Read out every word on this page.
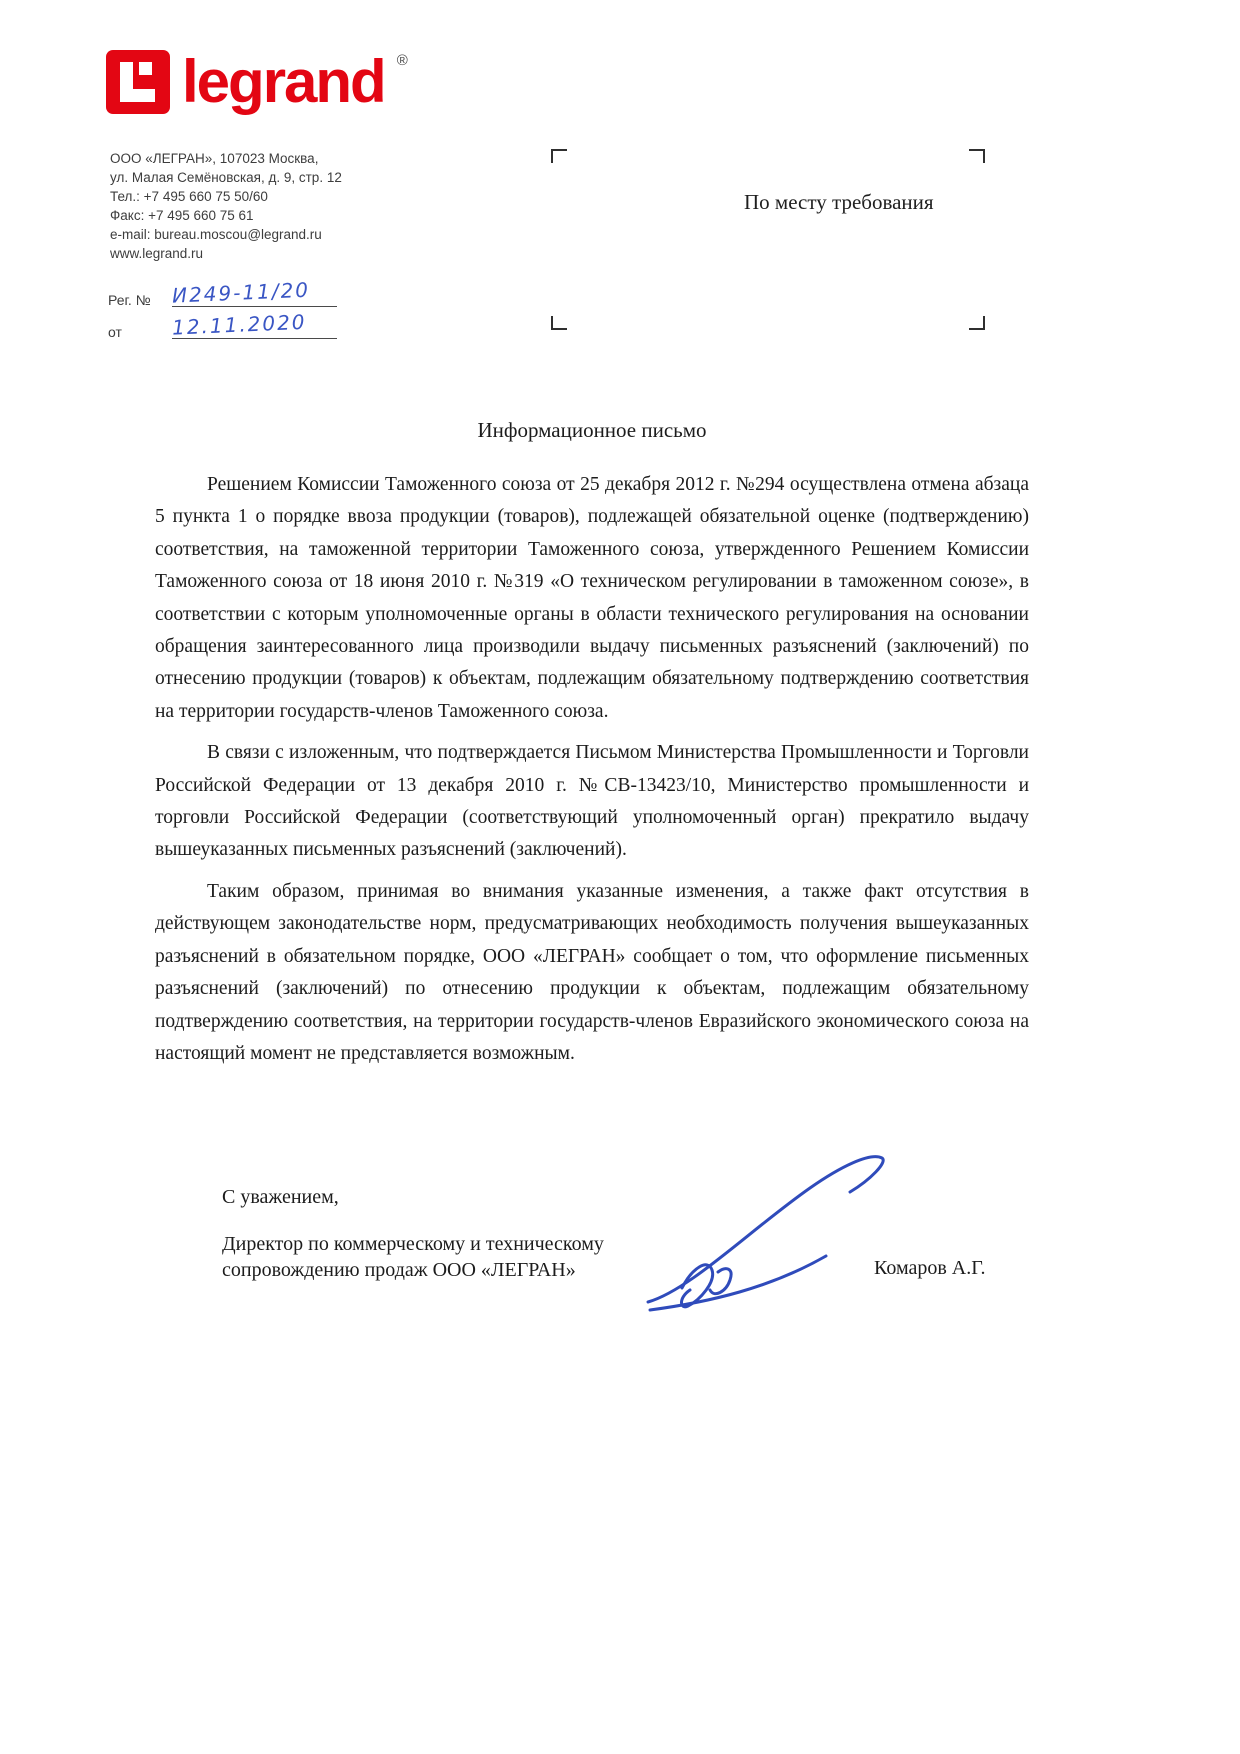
legrand ®
ООО «ЛЕГРАН», 107023 Москва,
ул. Малая Семёновская, д. 9, стр. 12
Тел.: +7 495 660 75 50/60
Факс: +7 495 660 75 61
e-mail: bureau.moscou@legrand.ru
www.legrand.ru
По месту требования
Рег. № И249-11/20
от 12.11.2020
Информационное письмо

Решением Комиссии Таможенного союза от 25 декабря 2012 г. №294 осуществлена отмена абзаца 5 пункта 1 о порядке ввоза продукции (товаров), подлежащей обязательной оценке (подтверждению) соответствия, на таможенной территории Таможенного союза, утвержденного Решением Комиссии Таможенного союза от 18 июня 2010 г. №319 «О техническом регулировании в таможенном союзе», в соответствии с которым уполномоченные органы в области технического регулирования на основании обращения заинтересованного лица производили выдачу письменных разъяснений (заключений) по отнесению продукции (товаров) к объектам, подлежащим обязательному подтверждению соответствия на территории государств-членов Таможенного союза.

В связи с изложенным, что подтверждается Письмом Министерства Промышленности и Торговли Российской Федерации от 13 декабря 2010 г. №СВ-13423/10, Министерство промышленности и торговли Российской Федерации (соответствующий уполномоченный орган) прекратило выдачу вышеуказанных письменных разъяснений (заключений).

Таким образом, принимая во внимания указанные изменения, а также факт отсутствия в действующем законодательстве норм, предусматривающих необходимость получения вышеуказанных разъяснений в обязательном порядке, ООО «ЛЕГРАН» сообщает о том, что оформление письменных разъяснений (заключений) по отнесению продукции к объектам, подлежащим обязательному подтверждению соответствия, на территории государств-членов Евразийского экономического союза на настоящий момент не представляется возможным.

С уважением,
Директор по коммерческому и техническому
сопровождению продаж ООО «ЛЕГРАН»	Комаров А.Г.
